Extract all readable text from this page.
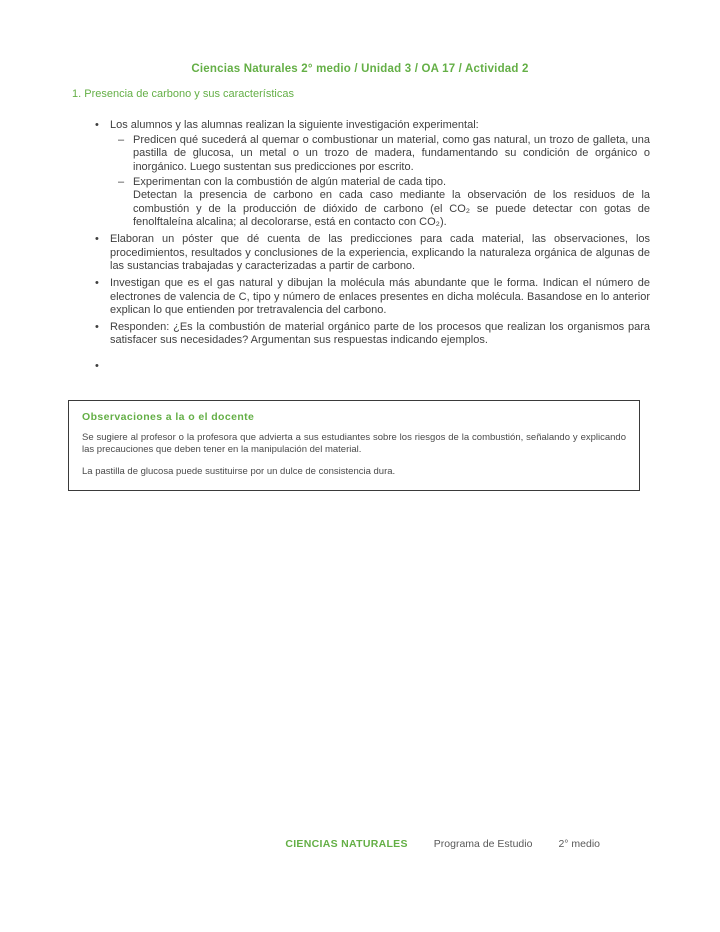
Ciencias Naturales 2° medio / Unidad 3 / OA 17 / Actividad 2
1. Presencia de carbono y sus características
• Los alumnos y las alumnas realizan la siguiente investigación experimental:
– Predicen qué sucederá al quemar o combustionar un material, como gas natural, un trozo de galleta, una pastilla de glucosa, un metal o un trozo de madera, fundamentando su condición de orgánico o inorgánico. Luego sustentan sus predicciones por escrito.
– Experimentan con la combustión de algún material de cada tipo.
Detectan la presencia de carbono en cada caso mediante la observación de los residuos de la combustión y de la producción de dióxido de carbono (el CO₂ se puede detectar con gotas de fenolftaleína alcalina; al decolorarse, está en contacto con CO₂).
• Elaboran un póster que dé cuenta de las predicciones para cada material, las observaciones, los procedimientos, resultados y conclusiones de la experiencia, explicando la naturaleza orgánica de algunas de las sustancias trabajadas y caracterizadas a partir de carbono.
• Investigan que es el gas natural y dibujan la molécula más abundante que le forma. Indican el número de electrones de valencia de C, tipo y número de enlaces presentes en dicha molécula. Basandose en lo anterior explican lo que entienden por tretravalencia del carbono.
• Responden: ¿Es la combustión de material orgánico parte de los procesos que realizan los organismos para satisfacer sus necesidades? Argumentan sus respuestas indicando ejemplos.
•
Observaciones a la o el docente

Se sugiere al profesor o la profesora que advierta a sus estudiantes sobre los riesgos de la combustión, señalando y explicando las precauciones que deben tener en la manipulación del material.

La pastilla de glucosa puede sustituirse por un dulce de consistencia dura.

CIENCIAS NATURALES Programa de Estudio 2° medio
